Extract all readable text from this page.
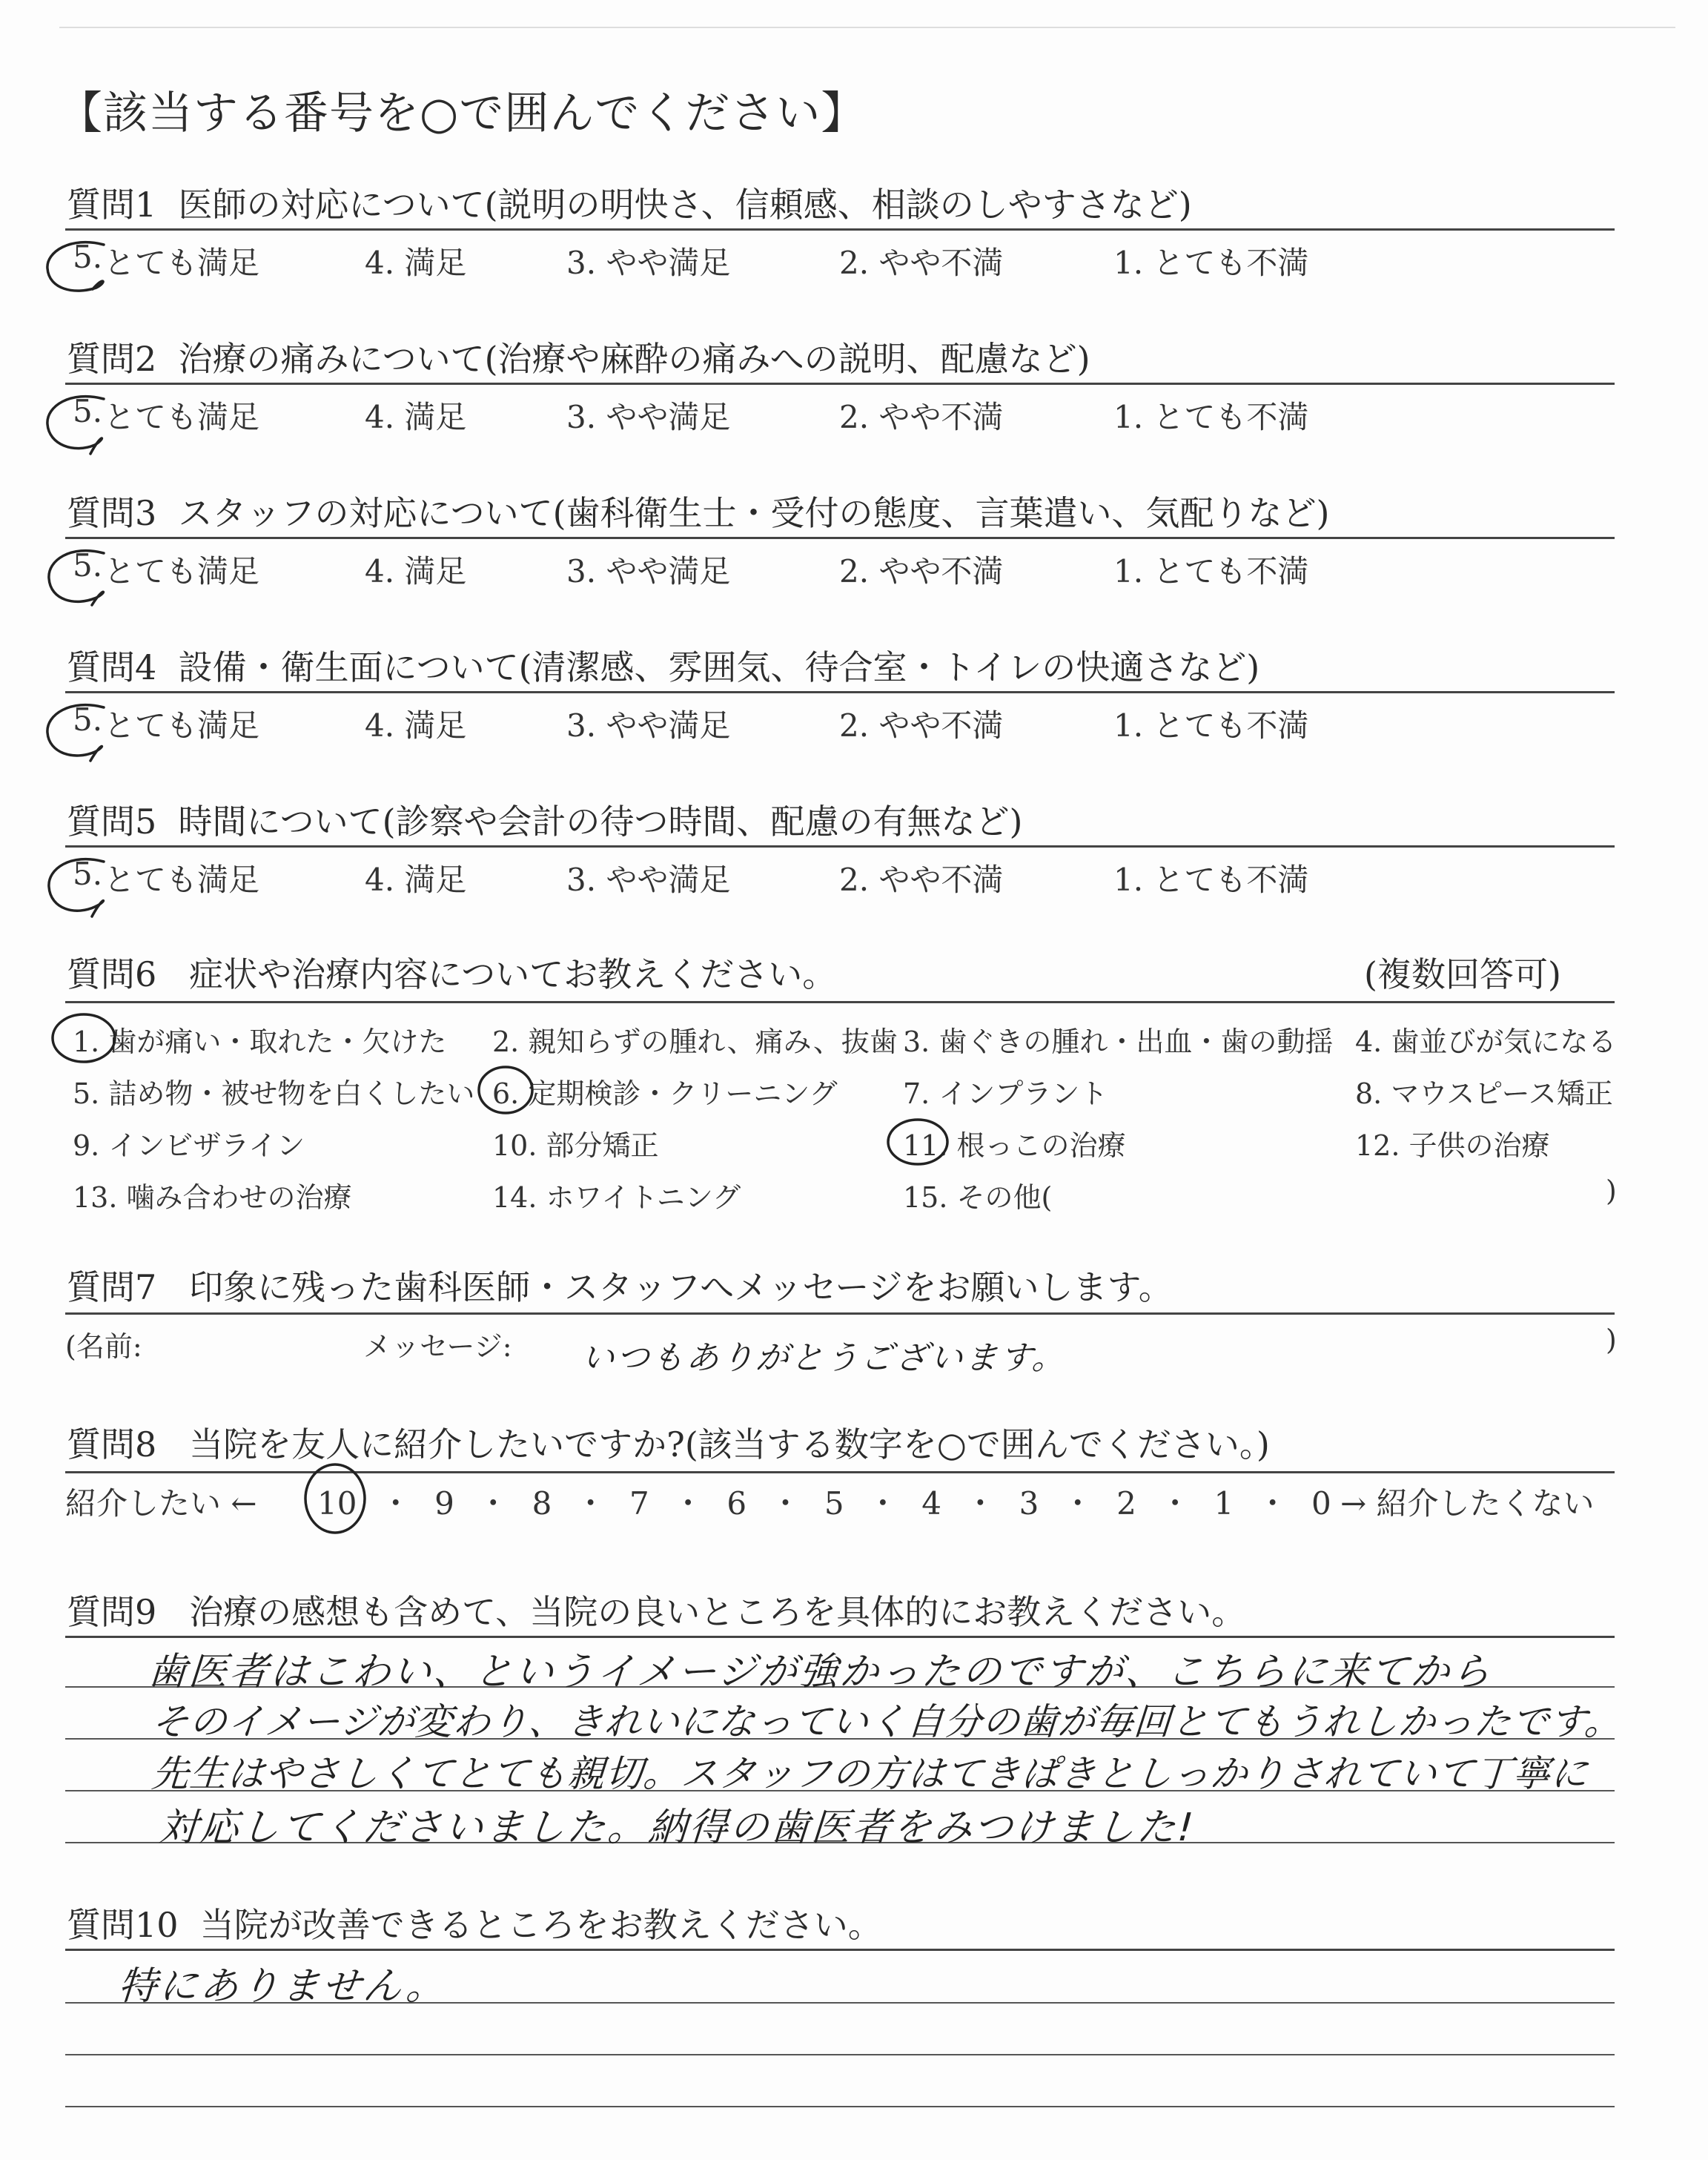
【該当する番号を○で囲んでください】
質問1 医師の対応について(説明の明快さ、信頼感、相談のしやすさなど)
5. とても満足	4. 満足	3. やや満足	2. やや不満	1. とても不満
質問2 治療の痛みについて(治療や麻酔の痛みへの説明、配慮など)
5. とても満足	4. 満足	3. やや満足	2. やや不満	1. とても不満
質問3 スタッフの対応について(歯科衛生士・受付の態度、言葉遣い、気配りなど)
5. とても満足	4. 満足	3. やや満足	2. やや不満	1. とても不満
質問4 設備・衛生面について(清潔感、雰囲気、待合室・トイレの快適さなど)
5. とても満足	4. 満足	3. やや満足	2. やや不満	1. とても不満
質問5 時間について(診察や会計の待つ時間、配慮の有無など)
5. とても満足	4. 満足	3. やや満足	2. やや不満	1. とても不満
質問6 症状や治療内容についてお教えください。	(複数回答可)
1. 歯が痛い・取れた・欠けた 2. 親知らずの腫れ、痛み、抜歯 3. 歯ぐきの腫れ・出血・歯の動揺 4. 歯並びが気になる
5. 詰め物・被せ物を白くしたい 6. 定期検診・クリーニング 7. インプラント	8. マウスピース矯正
9. インビザライン	10. 部分矯正	11. 根っこの治療	12. 子供の治療
13. 噛み合わせの治療	14. ホワイトニング	15. その他(	)
質問7 印象に残った歯科医師・スタッフへメッセージをお願いします。
(名前:	メッセージ: いつもありがとうございます。	)
質問8 当院を友人に紹介したいですか?(該当する数字を○で囲んでください。)
紹介したい ← 10 ・ 9 ・ 8 ・ 7 ・ 6 ・ 5 ・ 4 ・ 3 ・ 2 ・ 1 ・ 0 → 紹介したくない
質問9 治療の感想も含めて、当院の良いところを具体的にお教えください。
歯医者はこわい、というイメージが強かったのですが、こちらに来てから
そのイメージが変わり、きれいになっていく自分の歯が毎回とてもうれしかったです。
先生はやさしくてとても親切。スタッフの方はてきぱきとしっかりされていて丁寧に
対応してくださいました。納得の歯医者をみつけました!
質問10 当院が改善できるところをお教えください。
特にありません。
